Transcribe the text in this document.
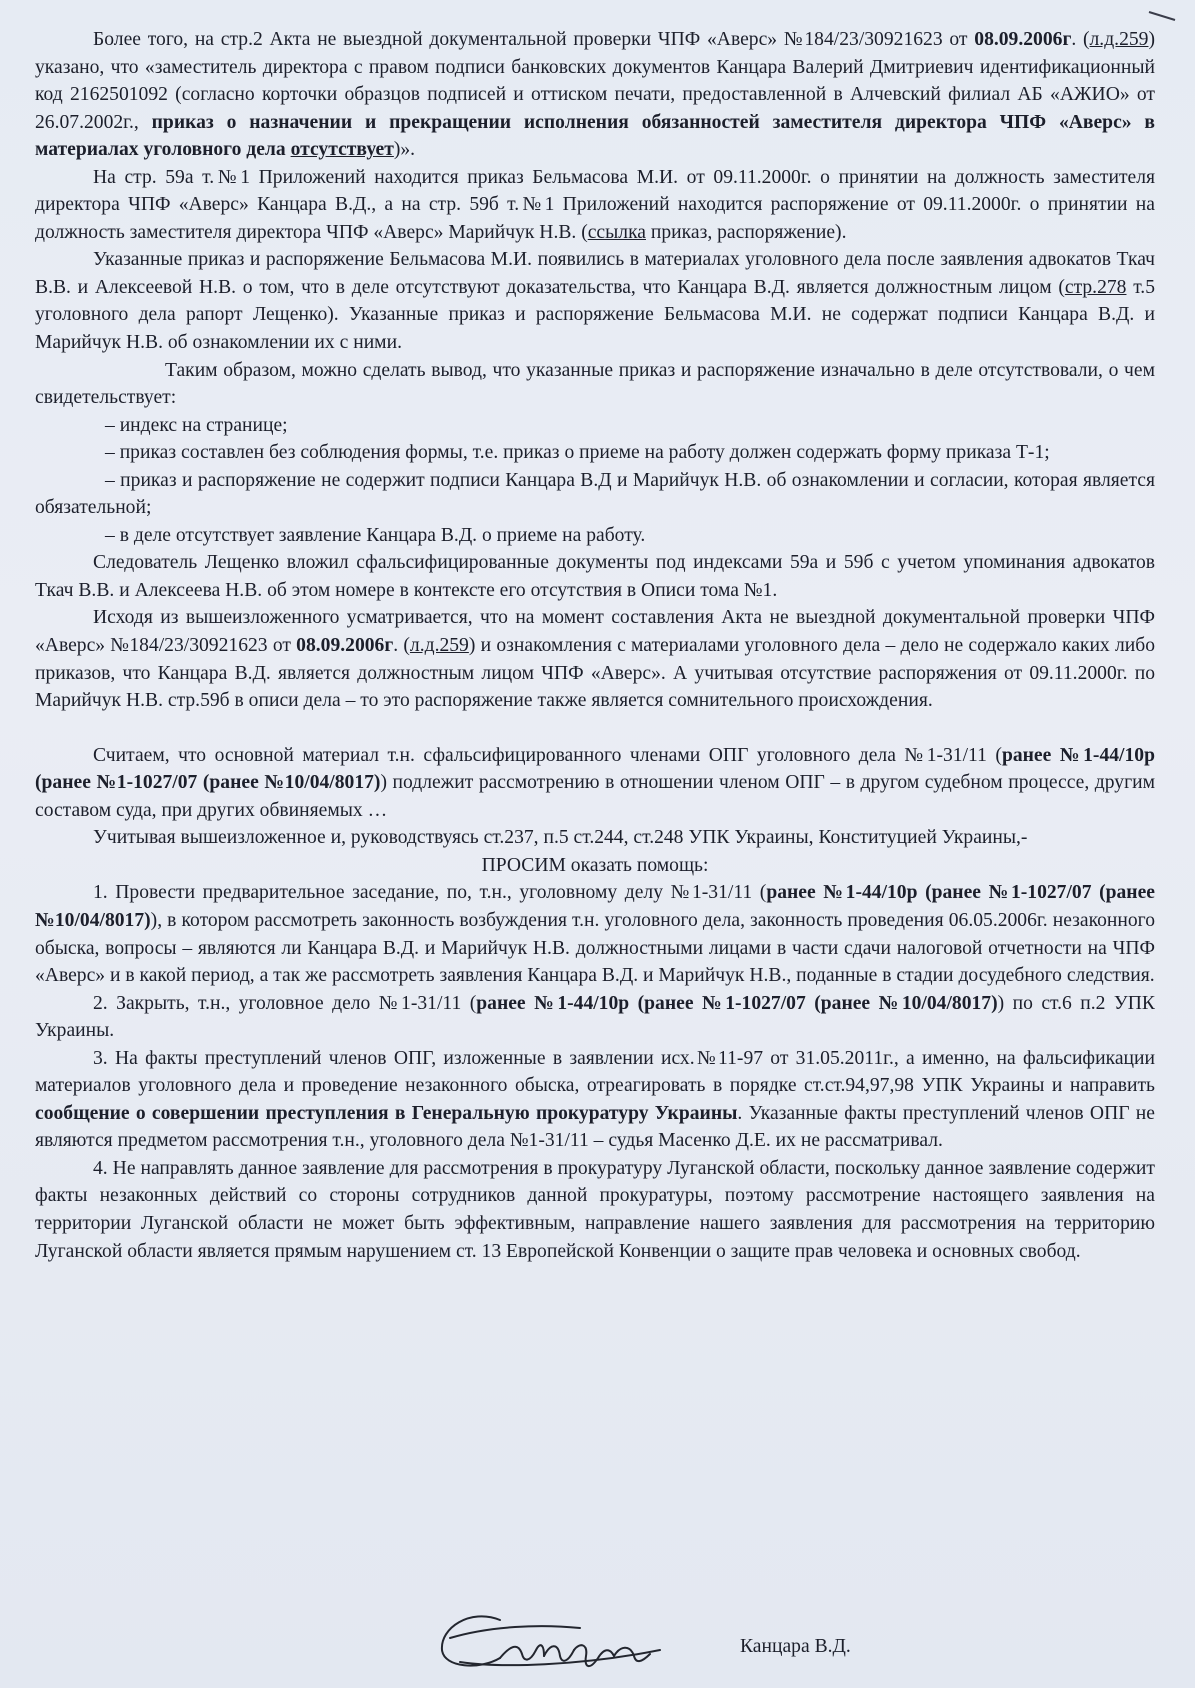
Более того, на стр.2 Акта не выездной документальной проверки ЧПФ «Аверс» №184/23/30921623 от 08.09.2006г. (л.д.259) указано, что «заместитель директора с правом подписи банковских документов Канцара Валерий Дмитриевич идентификационный код 2162501092 (согласно корточки образцов подписей и оттиском печати, предоставленной в Алчевский филиал АБ «АЖИО» от 26.07.2002г., приказ о назначении и прекращении исполнения обязанностей заместителя директора ЧПФ «Аверс» в материалах уголовного дела отсутствует)».

На стр. 59а т.№1 Приложений находится приказ Бельмасова М.И. от 09.11.2000г. о принятии на должность заместителя директора ЧПФ «Аверс» Канцара В.Д., а на стр. 59б т.№1 Приложений находится распоряжение от 09.11.2000г. о принятии на должность заместителя директора ЧПФ «Аверс» Марийчук Н.В. (ссылка приказ, распоряжение).

Указанные приказ и распоряжение Бельмасова М.И. появились в материалах уголовного дела после заявления адвокатов Ткач В.В. и Алексеевой Н.В. о том, что в деле отсутствуют доказательства, что Канцара В.Д. является должностным лицом (стр.278 т.5 уголовного дела рапорт Лещенко). Указанные приказ и распоряжение Бельмасова М.И. не содержат подписи Канцара В.Д. и Марийчук Н.В. об ознакомлении их с ними.

Таким образом, можно сделать вывод, что указанные приказ и распоряжение изначально в деле отсутствовали, о чем свидетельствует:

– индекс на странице;

– приказ составлен без соблюдения формы, т.е. приказ о приеме на работу должен содержать форму приказа Т-1;

– приказ и распоряжение не содержит подписи Канцара В.Д и Марийчук Н.В. об ознакомлении и согласии, которая является обязательной;

– в деле отсутствует заявление Канцара В.Д. о приеме на работу.

Следователь Лещенко вложил сфальсифицированные документы под индексами 59а и 59б с учетом упоминания адвокатов Ткач В.В. и Алексеева Н.В. об этом номере в контексте его отсутствия в Описи тома №1.

Исходя из вышеизложенного усматривается, что на момент составления Акта не выездной документальной проверки ЧПФ «Аверс» №184/23/30921623 от 08.09.2006г. (л.д.259) и ознакомления с материалами уголовного дела – дело не содержало каких либо приказов, что Канцара В.Д. является должностным лицом ЧПФ «Аверс». А учитывая отсутствие распоряжения от 09.11.2000г. по Марийчук Н.В. стр.59б в описи дела – то это распоряжение также является сомнительного происхождения.

Считаем, что основной материал т.н. сфальсифицированного членами ОПГ уголовного дела №1-31/11 (ранее №1-44/10р (ранее №1-1027/07 (ранее №10/04/8017)) подлежит рассмотрению в отношении членом ОПГ – в другом судебном процессе, другим составом суда, при других обвиняемых …

Учитывая вышеизложенное и, руководствуясь ст.237, п.5 ст.244, ст.248 УПК Украины, Конституцией Украины,-

ПРОСИМ оказать помощь:

1. Провести предварительное заседание, по, т.н., уголовному делу №1-31/11 (ранее №1-44/10р (ранее №1-1027/07 (ранее №10/04/8017)), в котором рассмотреть законность возбуждения т.н. уголовного дела, законность проведения 06.05.2006г. незаконного обыска, вопросы – являются ли Канцара В.Д. и Марийчук Н.В. должностными лицами в части сдачи налоговой отчетности на ЧПФ «Аверс» и в какой период, а так же рассмотреть заявления Канцара В.Д. и Марийчук Н.В., поданные в стадии досудебного следствия.

2. Закрыть, т.н., уголовное дело №1-31/11 (ранее №1-44/10р (ранее №1-1027/07 (ранее №10/04/8017)) по ст.6 п.2 УПК Украины.

3. На факты преступлений членов ОПГ, изложенные в заявлении исх.№11-97 от 31.05.2011г., а именно, на фальсификации материалов уголовного дела и проведение незаконного обыска, отреагировать в порядке ст.ст.94,97,98 УПК Украины и направить сообщение о совершении преступления в Генеральную прокуратуру Украины. Указанные факты преступлений членов ОПГ не являются предметом рассмотрения т.н., уголовного дела №1-31/11 – судья Масенко Д.Е. их не рассматривал.

4. Не направлять данное заявление для рассмотрения в прокуратуру Луганской области, поскольку данное заявление содержит факты незаконных действий со стороны сотрудников данной прокуратуры, поэтому рассмотрение настоящего заявления на территории Луганской области не может быть эффективным, направление нашего заявления для рассмотрения на территорию Луганской области является прямым нарушением ст. 13 Европейской Конвенции о защите прав человека и основных свобод.

Канцара В.Д.
